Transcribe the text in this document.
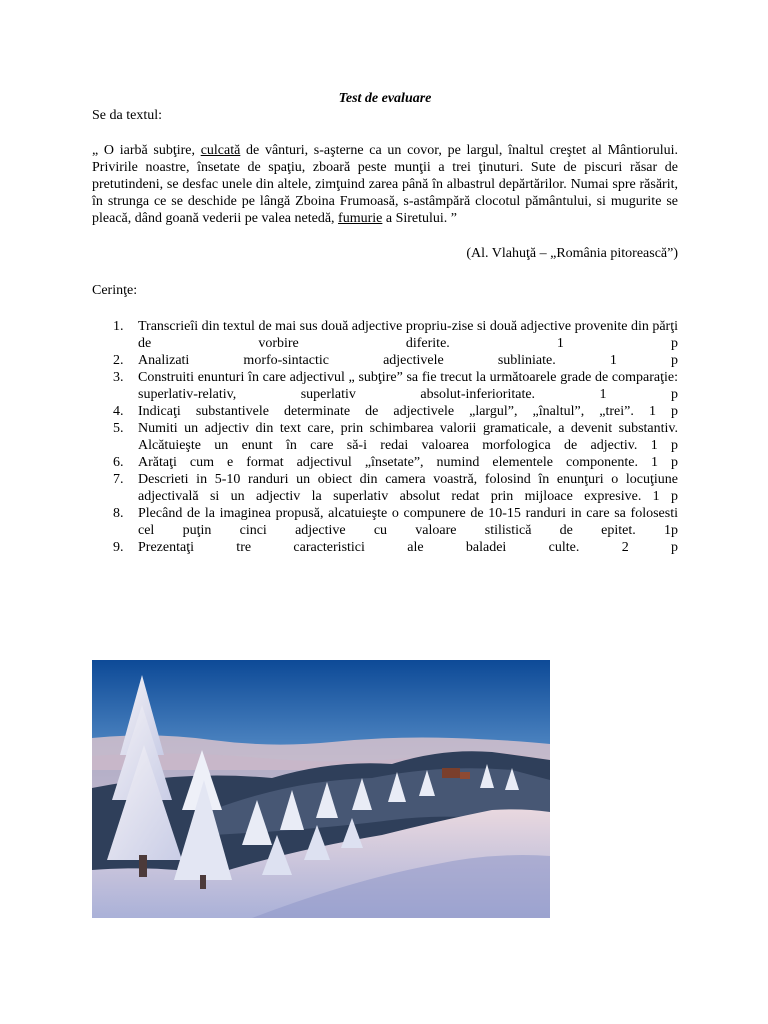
Test de evaluare

Se da textul:

„ O iarbă subţire, culcată de vânturi, s-aşterne ca un covor, pe largul, înaltul creştet al Mântiorului. Privirile noastre, însetate de spaţiu, zboară peste munţii a trei ţinuturi. Sute de piscuri răsar de pretutindeni, se desfac unele din altele, zimţuind zarea până în albastrul depărtărilor. Numai spre răsărit, în strunga ce se deschide pe lângă Zboina Frumoasă, s-astâmpără clocotul pământului, si mugurite se pleacă, dând goană vederii pe valea netedă, fumurie a Siretului. ”

(Al. Vlahuţă – „România pitorească”)

Cerinţe:

1. Transcrieîi din textul de mai sus două adjective propriu-zise si două adjective provenite din părţi de vorbire diferite.	1 p
2. Analizati morfo-sintactic adjectivele subliniate.	1 p
3. Construiti enunturi în care adjectivul „ subţire” sa fie trecut la următoarele grade de comparaţie: superlativ-relativ, superlativ absolut-inferioritate.	1 p
4. Indicaţi substantivele determinate de adjectivele „largul”, „înaltul”, „trei”. 1 p
5. Numiti un adjectiv din text care, prin schimbarea valorii gramaticale, a devenit substantiv. Alcătuieşte un enunt în care să-i redai valoarea morfologica de adjectiv. 1 p
6. Arătaţi cum e format adjectivul „însetate”, numind elementele componente. 1 p
7. Descrieti in 5-10 randuri un obiect din camera voastră, folosind în enunţuri o locuţiune adjectivală si un adjectiv la superlativ absolut redat prin mijloace expresive. 1 p
8. Plecând de la imaginea propusă, alcatuieşte o compunere de 10-15 randuri in care sa folosesti cel puţin cinci adjective cu valoare stilistică de epitet. 1p
9. Prezentaţi tre caracteristici ale baladei culte.	2 p
